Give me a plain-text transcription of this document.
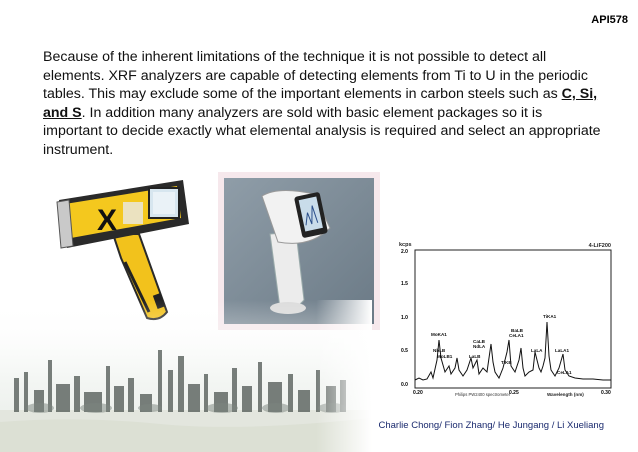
API578
Because of the inherent limitations of the technique it is not possible to detect all elements. XRF analyzers are capable of detecting elements from Ti to U in the periodic tables. This may exclude some of the important elements in carbon steels such as C, Si, and S. In addition many analyzers are sold with basic element packages so it is important to decide exactly what elemental analysis is required and select an appropriate instrument.
X
kcps	4-LiF200
2.0
1.5
1.0
0.5
0.0
MoKA1
NbLB
MoLB1
CaLB
NdLA
LaLB
TiKB
BaLB
CeLA1
LaLA
TiKA1
LaLA1
CeLA1
0.20	0.25	0.30
Philips PW2400 spectrometer	Wavelength (nm)
Charlie Chong/ Fion Zhang/ He Jungang / Li Xueliang
